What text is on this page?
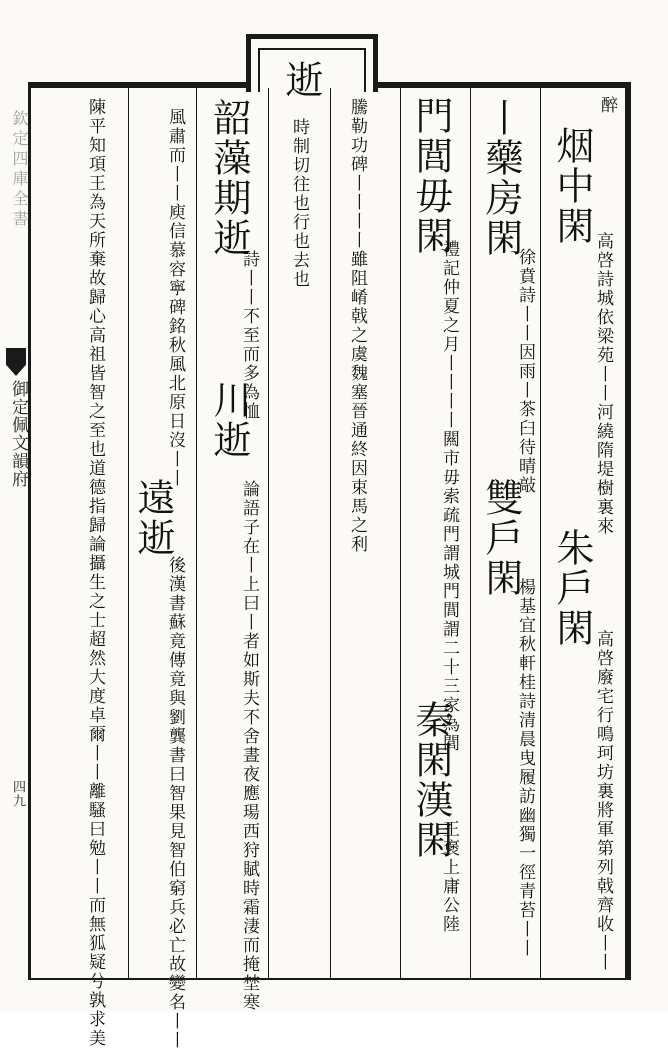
欽定四庫全書
御定佩文韻府
四九
醉
烟中閑
高啓詩城依梁苑丨丨河繞隋堤樹裏來
朱戶閑
高啓廢宅行鳴珂坊裏將軍第列戟齊收丨丨
丨藥房閑
徐賁詩丨丨因雨丨茶臼待晴敲
雙戶閑
楊基宜秋軒桂詩清晨曳履訪幽獨一徑青苔丨丨
門閭毋閑
禮記仲夏之月丨丨丨丨闗市毋索疏門謂城門閭謂二十三家為閭
秦閑漢閑
王褒上庸公陸
騰勒功碑丨丨丨丨雖阻崤戟之虞魏塞晉通終因束馬之利
逝
時制切往也行也去也
韶藻期逝
詩丨丨不至而多為恤
川逝
論語子在丨上曰丨者如斯夫不舍晝夜應瑒西狩賦時霜淒而掩埜寒
風肅而丨丨庾信慕容寧碑銘秋風北原日沒丨丨
遠逝
後漢書蘇竟傳竟與劉龔書曰智果見智伯窮兵必亡故變名丨丨
陳平知項王為天所棄故歸心高祖皆智之至也道德指歸論攝生之士超然大度卓爾丨丨離騷曰勉丨丨而無狐疑兮孰求美
